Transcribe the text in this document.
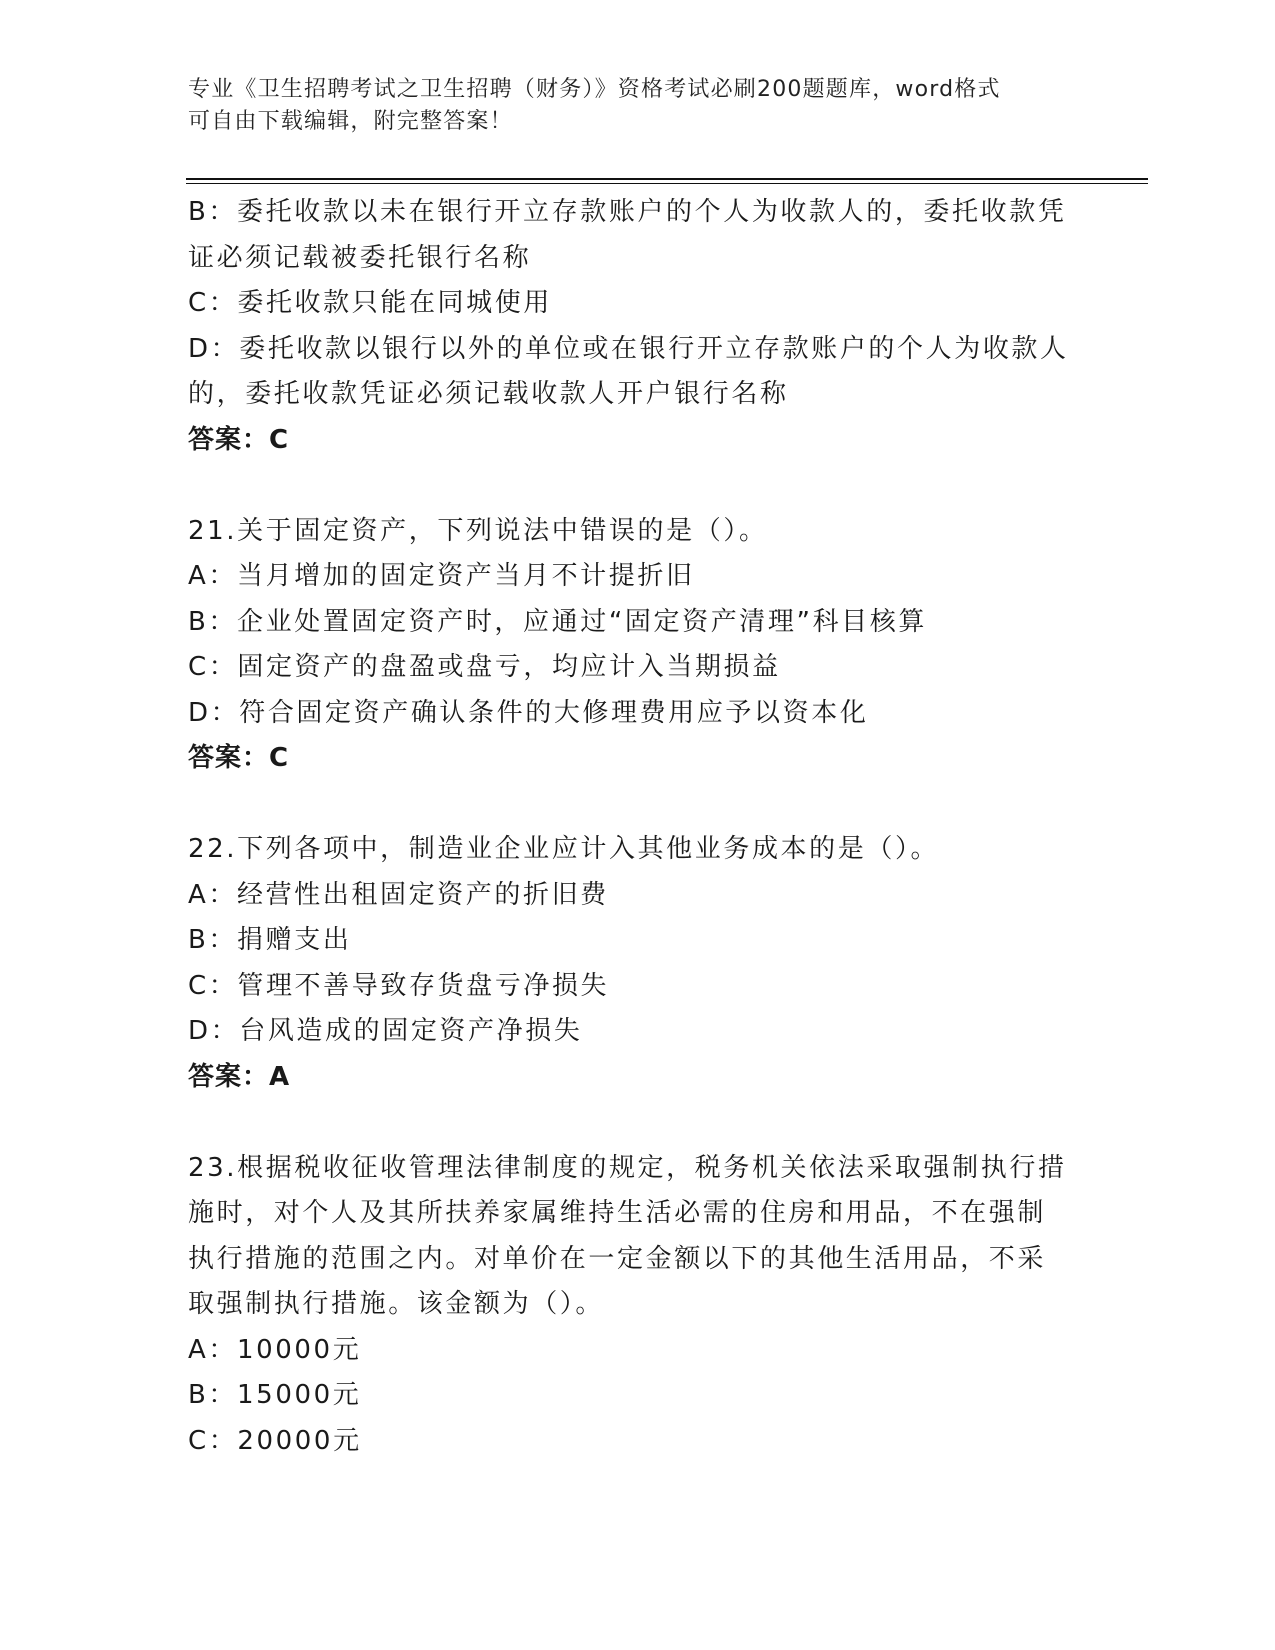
专业《卫生招聘考试之卫生招聘（财务）》资格考试必刷200题题库，word格式
可自由下载编辑，附完整答案！
B：委托收款以未在银行开立存款账户的个人为收款人的，委托收款凭
证必须记载被委托银行名称
C：委托收款只能在同城使用
D：委托收款以银行以外的单位或在银行开立存款账户的个人为收款人
的，委托收款凭证必须记载收款人开户银行名称
答案：C
21.关于固定资产，下列说法中错误的是（）。
A：当月增加的固定资产当月不计提折旧
B：企业处置固定资产时，应通过“固定资产清理”科目核算
C：固定资产的盘盈或盘亏，均应计入当期损益
D：符合固定资产确认条件的大修理费用应予以资本化
答案：C
22.下列各项中，制造业企业应计入其他业务成本的是（）。
A：经营性出租固定资产的折旧费
B：捐赠支出
C：管理不善导致存货盘亏净损失
D：台风造成的固定资产净损失
答案：A
23.根据税收征收管理法律制度的规定，税务机关依法采取强制执行措
施时，对个人及其所扶养家属维持生活必需的住房和用品，不在强制
执行措施的范围之内。对单价在一定金额以下的其他生活用品，不采
取强制执行措施。该金额为（）。
A：10000元
B：15000元
C：20000元
